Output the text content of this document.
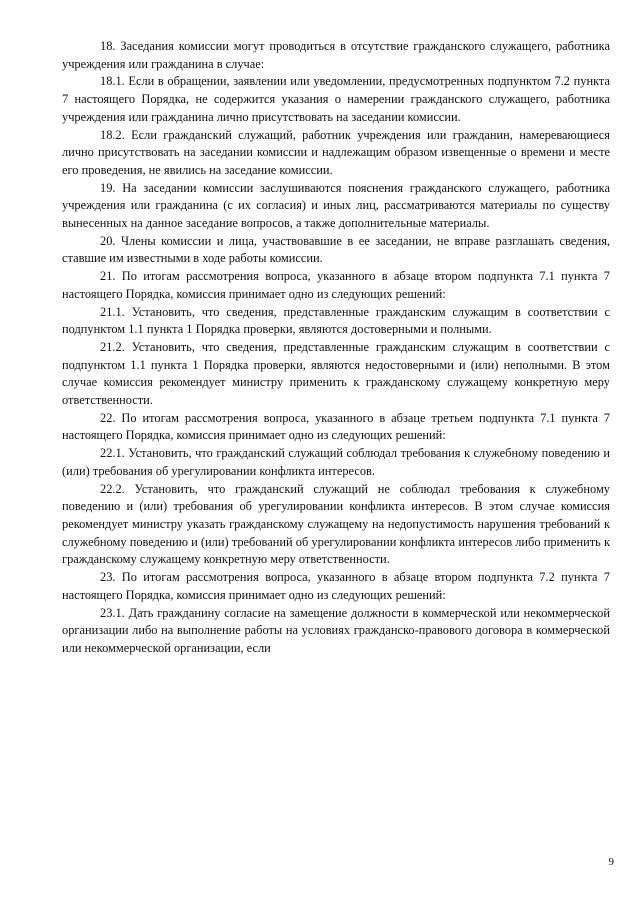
18. Заседания комиссии могут проводиться в отсутствие гражданского служащего, работника учреждения или гражданина в случае:

18.1. Если в обращении, заявлении или уведомлении, предусмотренных подпунктом 7.2 пункта 7 настоящего Порядка, не содержится указания о намерении гражданского служащего, работника учреждения или гражданина лично присутствовать на заседании комиссии.

18.2. Если гражданский служащий, работник учреждения или гражданин, намеревающиеся лично присутствовать на заседании комиссии и надлежащим образом извещенные о времени и месте его проведения, не явились на заседание комиссии.

19. На заседании комиссии заслушиваются пояснения гражданского служащего, работника учреждения или гражданина (с их согласия) и иных лиц, рассматриваются материалы по существу вынесенных на данное заседание вопросов, а также дополнительные материалы.

20. Члены комиссии и лица, участвовавшие в ее заседании, не вправе разглашать сведения, ставшие им известными в ходе работы комиссии.

21. По итогам рассмотрения вопроса, указанного в абзаце втором подпункта 7.1 пункта 7 настоящего Порядка, комиссия принимает одно из следующих решений:

21.1. Установить, что сведения, представленные гражданским служащим в соответствии с подпунктом 1.1 пункта 1 Порядка проверки, являются достоверными и полными.

21.2. Установить, что сведения, представленные гражданским служащим в соответствии с подпунктом 1.1 пункта 1 Порядка проверки, являются недостоверными и (или) неполными. В этом случае комиссия рекомендует министру применить к гражданскому служащему конкретную меру ответственности.

22. По итогам рассмотрения вопроса, указанного в абзаце третьем подпункта 7.1 пункта 7 настоящего Порядка, комиссия принимает одно из следующих решений:

22.1. Установить, что гражданский служащий соблюдал требования к служебному поведению и (или) требования об урегулировании конфликта интересов.

22.2. Установить, что гражданский служащий не соблюдал требования к служебному поведению и (или) требования об урегулировании конфликта интересов. В этом случае комиссия рекомендует министру указать гражданскому служащему на недопустимость нарушения требований к служебному поведению и (или) требований об урегулировании конфликта интересов либо применить к гражданскому служащему конкретную меру ответственности.

23. По итогам рассмотрения вопроса, указанного в абзаце втором подпункта 7.2 пункта 7 настоящего Порядка, комиссия принимает одно из следующих решений:

23.1. Дать гражданину согласие на замещение должности в коммерческой или некоммерческой организации либо на выполнение работы на условиях гражданско-правового договора в коммерческой или некоммерческой организации, если

9
